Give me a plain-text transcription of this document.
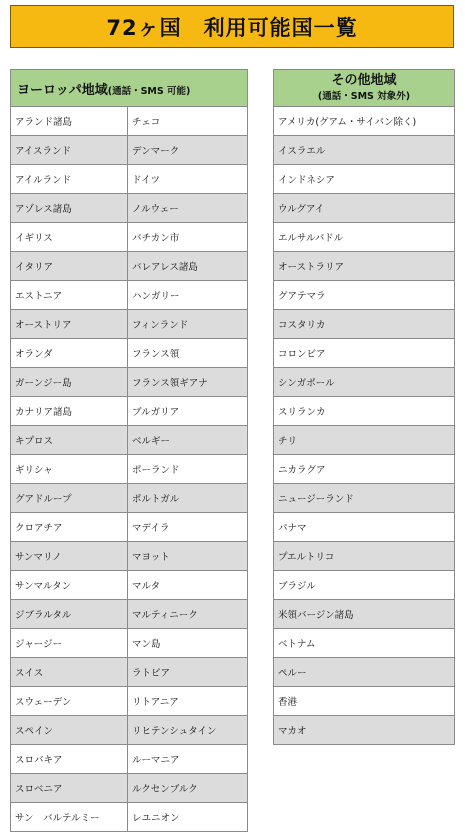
72ヶ国　利用可能国一覧
ヨーロッパ地域(通話・SMS 可能)	
アランド諸島	チェコ
アイスランド	デンマーク
アイルランド	ドイツ
アゾレス諸島	ノルウェー
イギリス	バチカン市
イタリア	バレアレス諸島
エストニア	ハンガリー
オーストリア	フィンランド
オランダ	フランス領
ガーンジー島	フランス領ギアナ
カナリア諸島	ブルガリア
キプロス	ベルギー
ギリシャ	ポーランド
グアドループ	ポルトガル
クロアチア	マデイラ
サンマリノ	マヨット
サンマルタン	マルタ
ジブラルタル	マルティニーク
ジャージー	マン島
スイス	ラトビア
スウェーデン	リトアニア
スペイン	リヒテンシュタイン
スロバキア	ルーマニア
スロベニア	ルクセンブルク
サン　バルテルミー	レユニオン
その他地域
(通話・SMS 対象外)
アメリカ(グアム・サイパン除く)
イスラエル
インドネシア
ウルグアイ
エルサルバドル
オーストラリア
グアテマラ
コスタリカ
コロンビア
シンガポール
スリランカ
チリ
ニカラグア
ニュージーランド
パナマ
プエルトリコ
ブラジル
米領バージン諸島
ベトナム
ペルー
香港
マカオ
